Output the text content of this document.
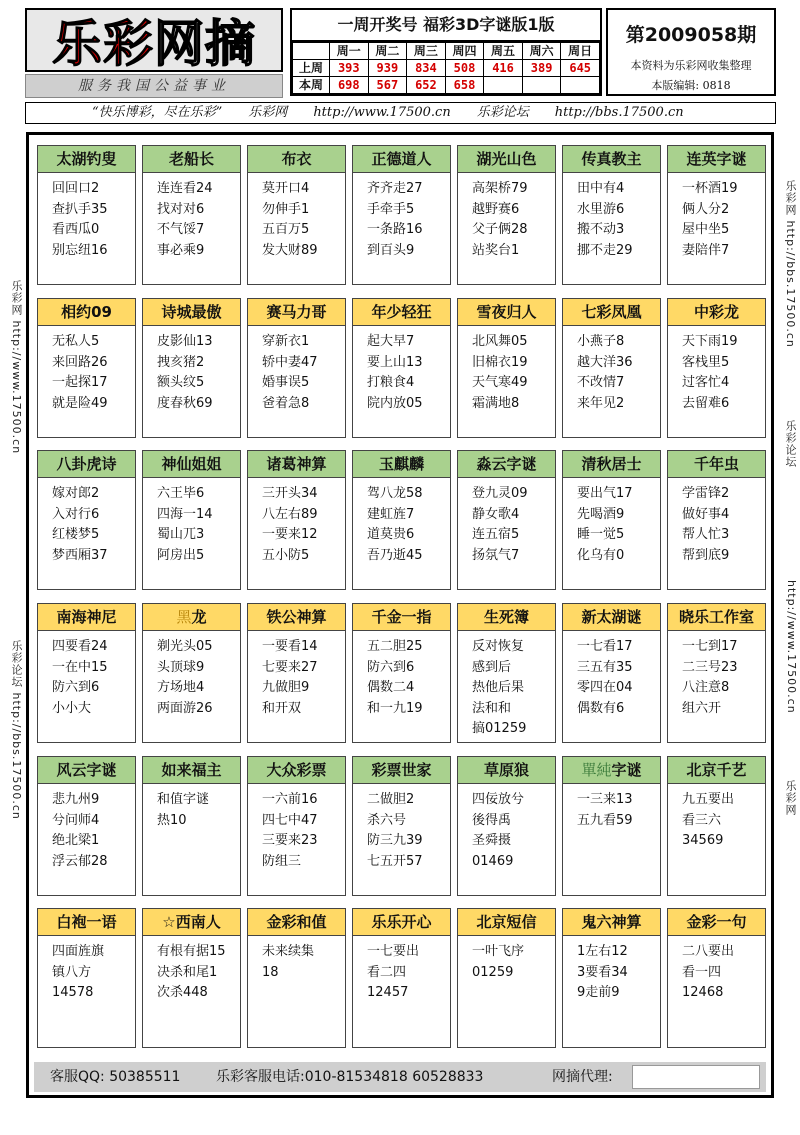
乐彩 网摘
服务我国公益事业
一周开奖号 福彩3D字谜版1版
	周一	周二	周三	周四	周五	周六	周日
上周	393	939	834	508	416	389	645
本周	698	567	652	658			
第2009058期
本资料为乐彩网收集整理
本版编辑: 0818
“快乐博彩，尽在乐彩” 乐彩网 http://www.17500.cn 乐彩论坛 http://bbs.17500.cn
乐彩网 http://www.17500.cn
乐彩论坛 http://bbs.17500.cn
乐彩网 http://bbs.17500.cn
乐彩论坛
http://www.17500.cn
乐彩网
太湖钓叟
回回口2
查扒手35
看西瓜0
别忘纽16
老船长
连连看24
找对对6
不气馁7
事必乘9
布衣
莫开口4
勿伸手1
五百万5
发大财89
正德道人
齐齐走27
手牵手5
一条路16
到百头9
湖光山色
高架桥79
越野赛6
父子俩28
站奖台1
传真教主
田中有4
水里游6
搬不动3
挪不走29
连英字谜
一杯酒19
俩人分2
屋中坐5
妻陪伴7
相约09
无私人5
来回路26
一起探17
就是险49
诗城最傲
皮影仙13
拽亥猪2
额头纹5
度春秋69
赛马力哥
穿新衣1
轿中妻47
婚事误5
爸着急8
年少轻狂
起大早7
要上山13
打粮食4
院内放05
雪夜归人
北风舞05
旧棉衣19
天气寒49
霜满地8
七彩凤凰
小燕子8
越大洋36
不改情7
来年见2
中彩龙
天下雨19
客栈里5
过客忙4
去留难6
八卦虎诗
嫁对郎2
入对行6
红楼梦5
梦西厢37
神仙姐姐
六王毕6
四海一14
蜀山兀3
阿房出5
诸葛神算
三开头34
八左右89
一要来12
五小防5
玉麒麟
驾八龙58
建虹旌7
道莫贵6
吾乃逝45
淼云字谜
登九灵09
静女歌4
连五宿5
扬氛气7
清秋居士
要出气17
先喝酒9
睡一觉5
化乌有0
千年虫
学雷锋2
做好事4
帮人忙3
帮到底9
南海神尼
四要看24
一在中15
防六到6
小小大
黑龙
剃光头05
头顶球9
方场地4
两面游26
铁公神算
一要看14
七要来27
九做胆9
和开双
千金一指
五二胆25
防六到6
偶数二4
和一九19
生死簿
反对恢复
感到后
热他后果
法和和
搞01259
新太湖谜
一七看17
三五有35
零四在04
偶数有6
晓乐工作室
一七到17
二三号23
八注意8
组六开
风云字谜
悲九州9
兮问师4
绝北梁1
浮云郁28
如来福主
和值字谜
热10
大众彩票
一六前16
四七中47
三要来23
防组三
彩票世家
二做胆2
杀六号
防三九39
七五开57
草原狼
四佞放兮
後得禹
圣舜摄
01469
單純字谜
一三来13
五九看59
北京千艺
九五要出
看三六
34569
白袍一语
四面旌旗
镇八方
14578
☆西南人
有根有据15
决杀和尾1
次杀448
金彩和值
未来续集
18
乐乐开心
一七要出
看二四
12457
北京短信
一叶飞序
01259
鬼六神算
1左右12
3要看34
9走前9
金彩一句
二八要出
看一四
12468
客服QQ: 50385511	乐彩客服电话:010-81534818 60528833	网摘代理:
